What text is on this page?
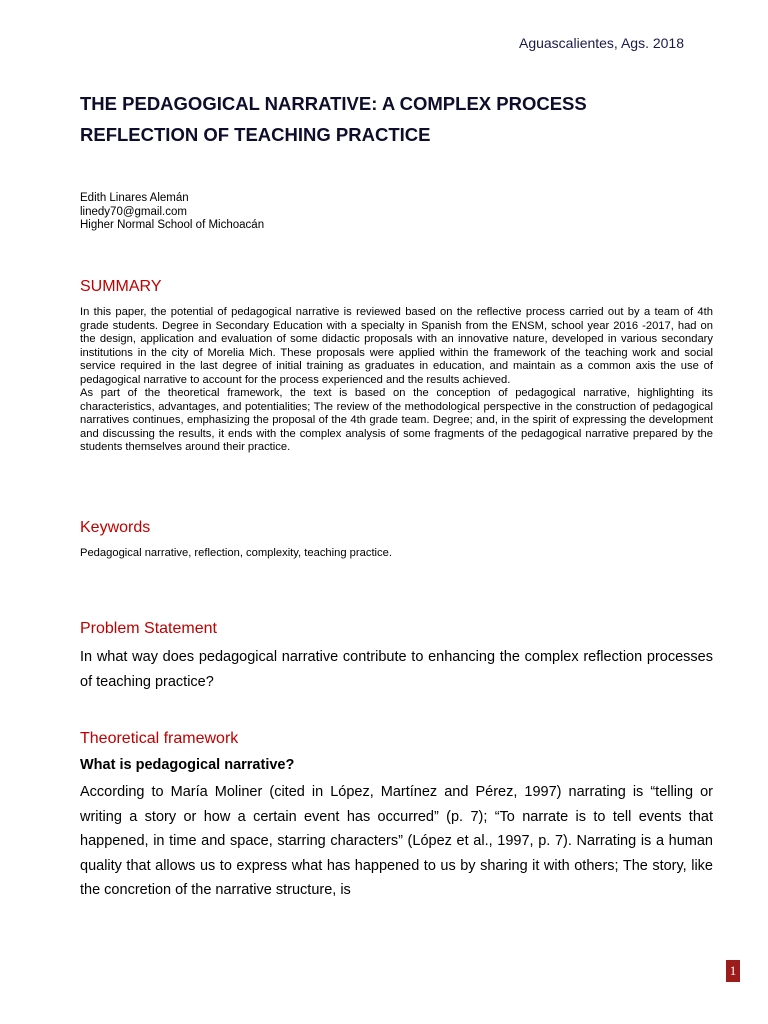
Aguascalientes, Ags. 2018
THE PEDAGOGICAL NARRATIVE: A COMPLEX PROCESS
REFLECTION OF TEACHING PRACTICE
Edith Linares Alemán
linedy70@gmail.com
Higher Normal School of Michoacán
SUMMARY

In this paper, the potential of pedagogical narrative is reviewed based on the reflective process carried out by a team of 4th grade students. Degree in Secondary Education with a specialty in Spanish from the ENSM, school year 2016 -2017, had on the design, application and evaluation of some didactic proposals with an innovative nature, developed in various secondary institutions in the city of Morelia Mich. These proposals were applied within the framework of the teaching work and social service required in the last degree of initial training as graduates in education, and maintain as a common axis the use of pedagogical narrative to account for the process experienced and the results achieved.

As part of the theoretical framework, the text is based on the conception of pedagogical narrative, highlighting its characteristics, advantages, and potentialities; The review of the methodological perspective in the construction of pedagogical narratives continues, emphasizing the proposal of the 4th grade team. Degree; and, in the spirit of expressing the development and discussing the results, it ends with the complex analysis of some fragments of the pedagogical narrative prepared by the students themselves around their practice.

Keywords

Pedagogical narrative, reflection, complexity, teaching practice.

Problem Statement

In what way does pedagogical narrative contribute to enhancing the complex reflection processes of teaching practice?

Theoretical framework

What is pedagogical narrative?

According to María Moliner (cited in López, Martínez and Pérez, 1997) narrating is “telling or writing a story or how a certain event has occurred” (p. 7); “To narrate is to tell events that happened, in time and space, starring characters” (López et al., 1997, p. 7). Narrating is a human quality that allows us to express what has happened to us by sharing it with others; The story, like the concretion of the narrative structure, is

1
